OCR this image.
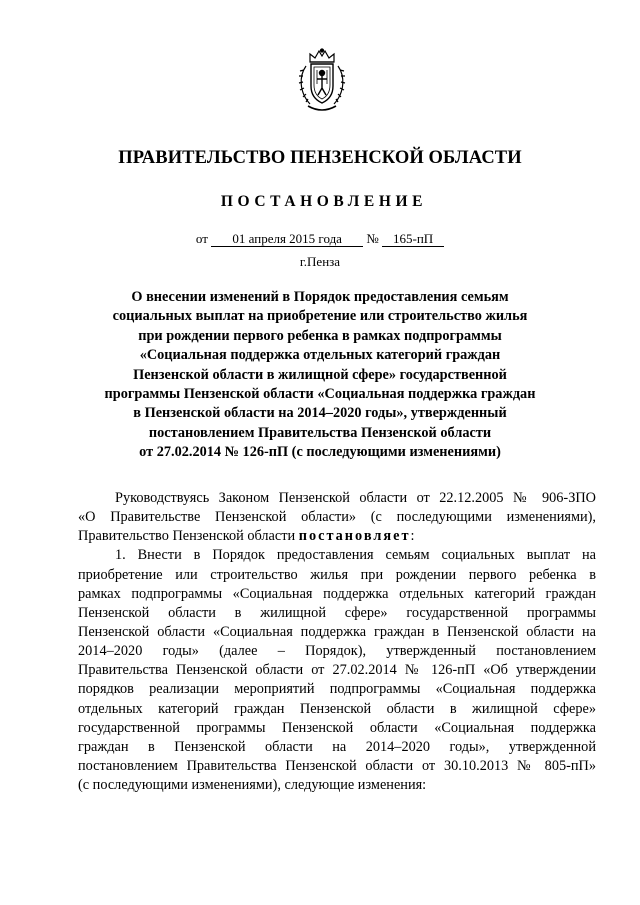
ПРАВИТЕЛЬСТВО ПЕНЗЕНСКОЙ ОБЛАСТИ
ПОСТАНОВЛЕНИЕ
от 01 апреля 2015 года № 165-пП
г.Пенза
О внесении изменений в Порядок предоставления семьям
социальных выплат на приобретение или строительство жилья
при рождении первого ребенка в рамках подпрограммы
«Социальная поддержка отдельных категорий граждан
Пензенской области в жилищной сфере» государственной
программы Пензенской области «Социальная поддержка граждан
в Пензенской области на 2014–2020 годы», утвержденный
постановлением Правительства Пензенской области
от 27.02.2014 № 126-пП (с последующими изменениями)
Руководствуясь Законом Пензенской области от 22.12.2005 № 906-ЗПО
«О Правительстве Пензенской области» (с последующими изменениями),
Правительство Пензенской области постановляет:
1. Внести в Порядок предоставления семьям социальных выплат на
приобретение или строительство жилья при рождении первого ребенка в
рамках подпрограммы «Социальная поддержка отдельных категорий граждан
Пензенской области в жилищной сфере» государственной программы
Пензенской области «Социальная поддержка граждан в Пензенской области на
2014–2020 годы» (далее – Порядок), утвержденный постановлением
Правительства Пензенской области от 27.02.2014 № 126-пП «Об утверждении
порядков реализации мероприятий подпрограммы «Социальная поддержка
отдельных категорий граждан Пензенской области в жилищной сфере»
государственной программы Пензенской области «Социальная поддержка
граждан в Пензенской области на 2014–2020 годы», утвержденной
постановлением Правительства Пензенской области от 30.10.2013 № 805-пП»
(с последующими изменениями), следующие изменения:
